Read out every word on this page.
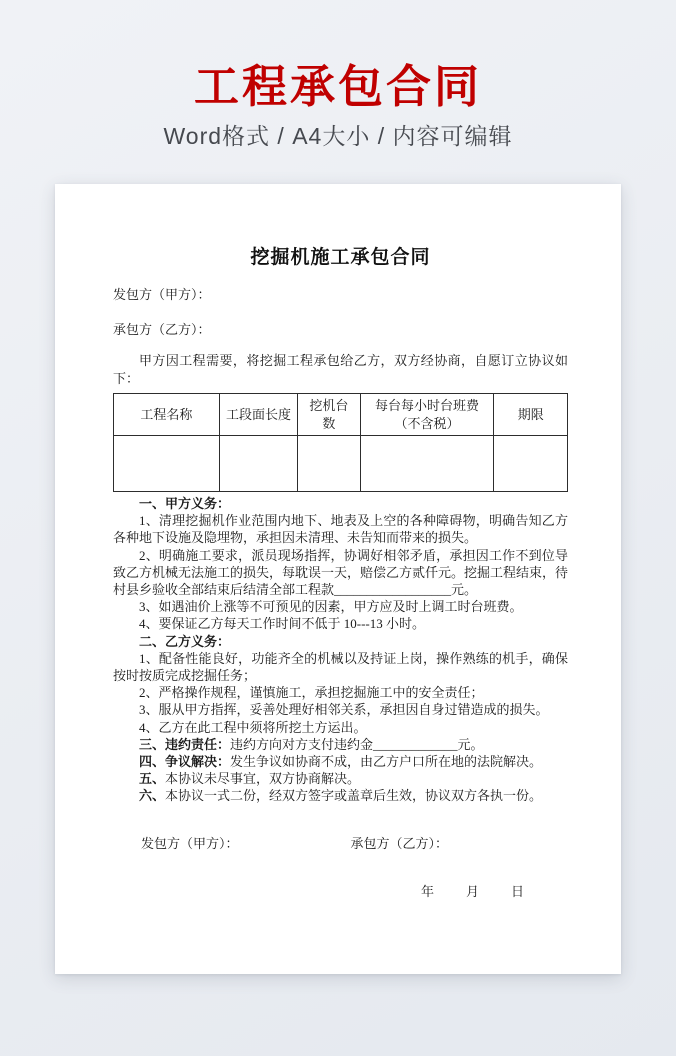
工程承包合同
Word格式 / A4大小 / 内容可编辑
挖掘机施工承包合同

发包方（甲方）：

承包方（乙方）：

甲方因工程需要，将挖掘工程承包给乙方，双方经协商，自愿订立协议如下：

工程名称	工段面长度	挖机台数	每台每小时台班费（不含税）	期限

一、甲方义务：

1、清理挖掘机作业范围内地下、地表及上空的各种障碍物，明确告知乙方各种地下设施及隐埋物，承担因未清理、未告知而带来的损失。

2、明确施工要求，派员现场指挥，协调好相邻矛盾，承担因工作不到位导致乙方机械无法施工的损失，每耽误一天，赔偿乙方贰仟元。挖掘工程结束，待村县乡验收全部结束后结清全部工程款__________________元。

3、如遇油价上涨等不可预见的因素，甲方应及时上调工时台班费。

4、要保证乙方每天工作时间不低于 10---13 小时。

二、乙方义务：

1、配备性能良好，功能齐全的机械以及持证上岗，操作熟练的机手，确保按时按质完成挖掘任务；

2、严格操作规程，谨慎施工，承担挖掘施工中的安全责任；

3、服从甲方指挥，妥善处理好相邻关系，承担因自身过错造成的损失。

4、乙方在此工程中须将所挖土方运出。

三、违约责任：违约方向对方支付违约金_____________元。

四、争议解决：发生争议如协商不成，由乙方户口所在地的法院解决。

五、本协议未尽事宜，双方协商解决。

六、本协议一式二份，经双方签字或盖章后生效，协议双方各执一份。

发包方（甲方）：	承包方（乙方）：
年　　月　　日
